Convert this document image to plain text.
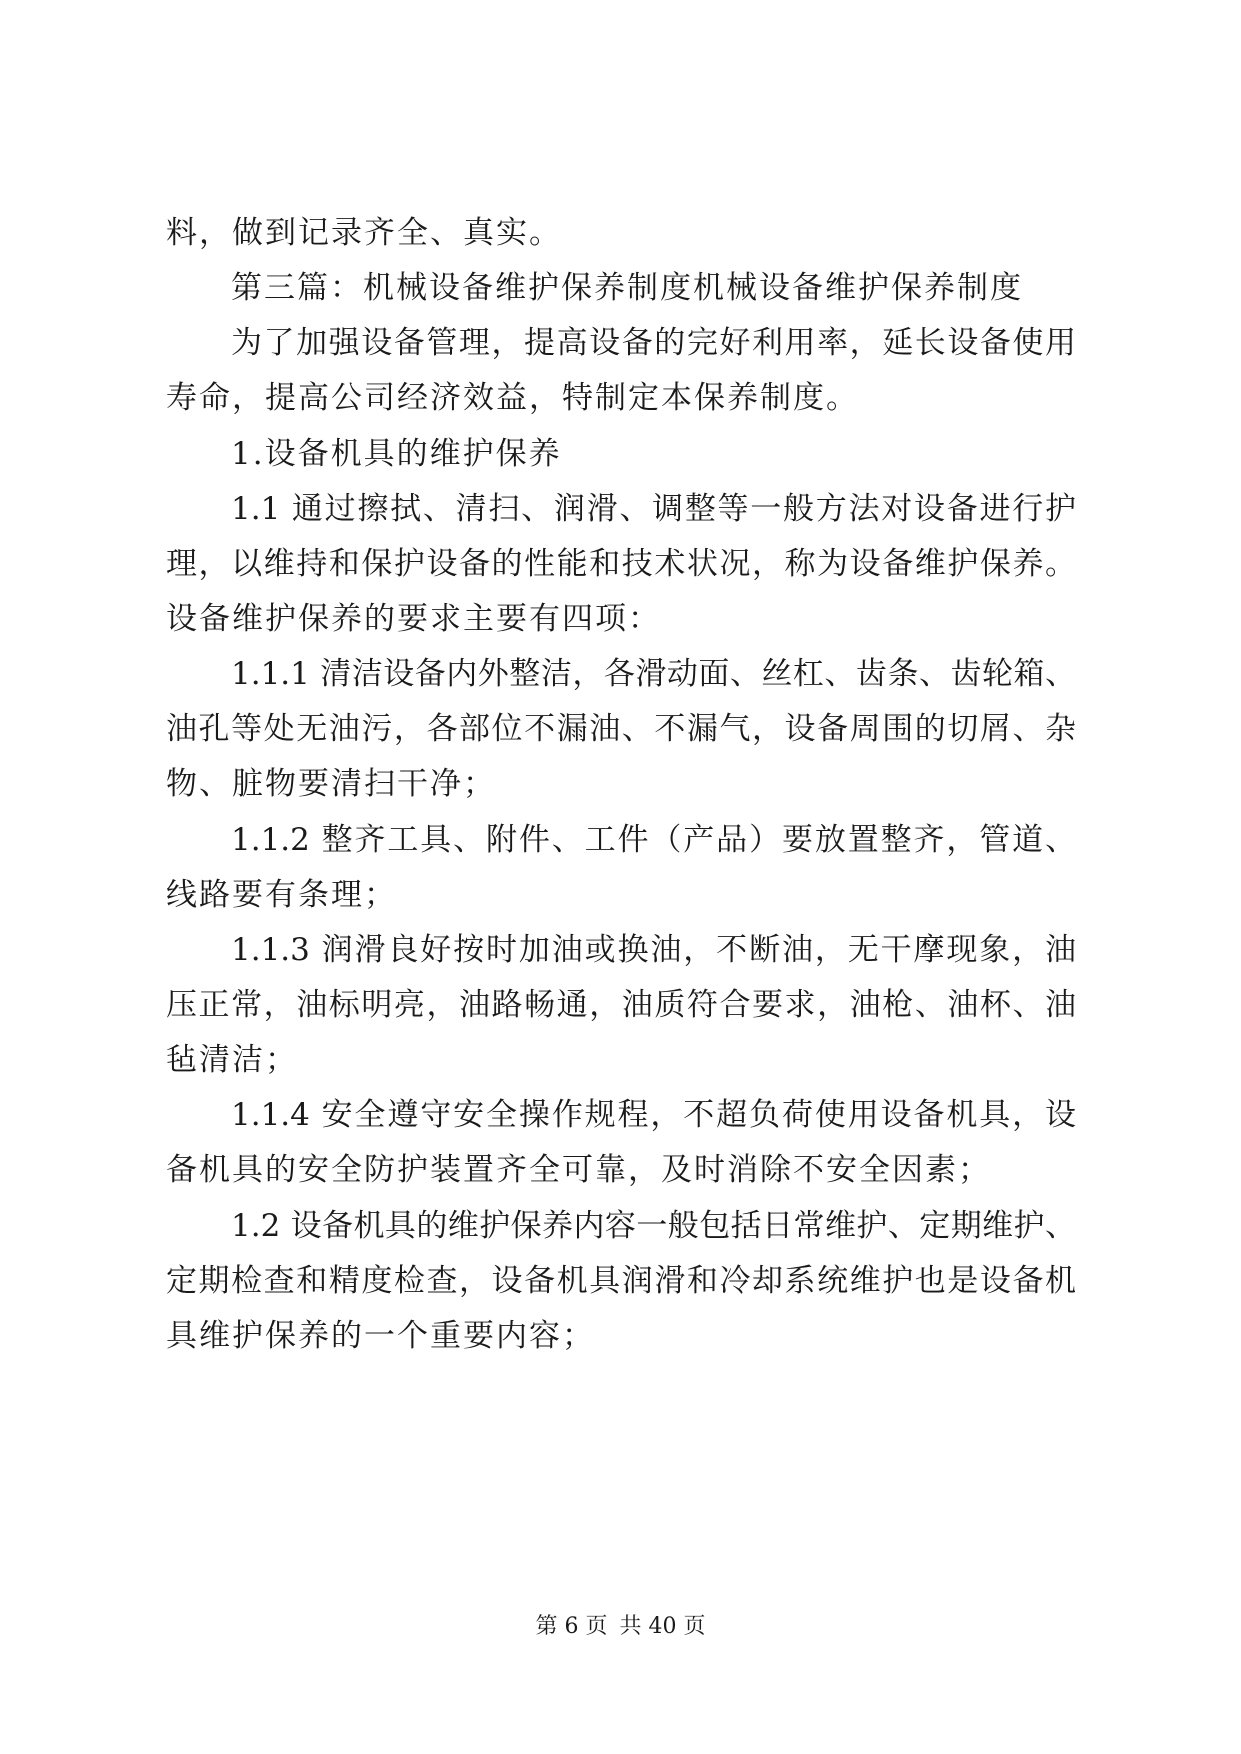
料，做到记录齐全、真实。
第三篇：机械设备维护保养制度机械设备维护保养制度
为了加强设备管理，提高设备的完好利用率，延长设备使用
寿命，提高公司经济效益，特制定本保养制度。
1.设备机具的维护保养
1.1 通过擦拭、清扫、润滑、调整等一般方法对设备进行护
理，以维持和保护设备的性能和技术状况，称为设备维护保养。
设备维护保养的要求主要有四项：
1.1.1 清洁设备内外整洁，各滑动面、丝杠、齿条、齿轮箱、
油孔等处无油污，各部位不漏油、不漏气，设备周围的切屑、杂
物、脏物要清扫干净；
1.1.2 整齐工具、附件、工件（产品）要放置整齐，管道、
线路要有条理；
1.1.3 润滑良好按时加油或换油，不断油，无干摩现象，油
压正常，油标明亮，油路畅通，油质符合要求，油枪、油杯、油
毡清洁；
1.1.4 安全遵守安全操作规程，不超负荷使用设备机具，设
备机具的安全防护装置齐全可靠，及时消除不安全因素；
1.2 设备机具的维护保养内容一般包括日常维护、定期维护、
定期检查和精度检查，设备机具润滑和冷却系统维护也是设备机
具维护保养的一个重要内容；
第 6 页 共 40 页
